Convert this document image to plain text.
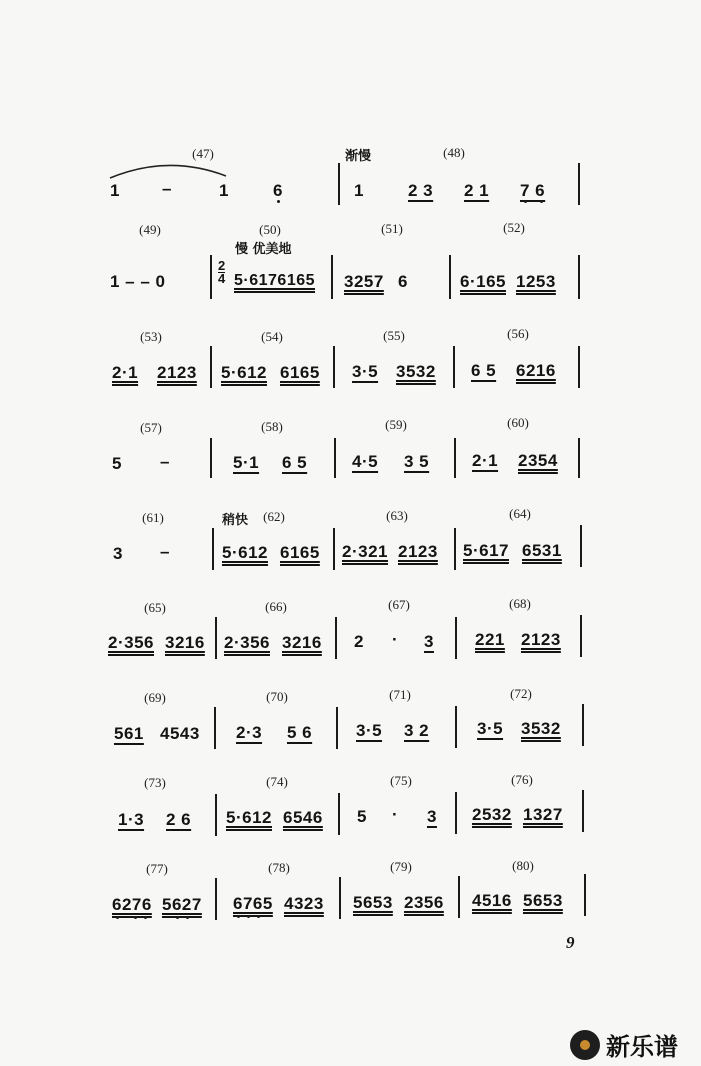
(47)	渐慢	(48)
1 –	1	6	1	2 3 2 1 7 6
(49)	(50)
慢 优美地
(51)	(52)
1 – – 0
2
4 5·6176165 3257 6	6·165 1253
(53)	(54)	(55)	(56)
2·1 2123 5·612 6165 3·5 3532 6 5 6216
(57)	(58)	(59)	(60)
5 –	5·1 6 5	4·5 3 5	2·1 2354
(61)	稍快 (62)	(63)	(64)
3 –	5·612 6165 2·321 2123 5·617 6531
(65)	(66)	(67)	(68)
2·356 3216 2·356 3216 2 · 3 221 2123
(69)	(70)	(71)	(72)
561 4543 2·3 5 6	3·5 3 2	3·5 3532
(73)	(74)	(75)	(76)
1·3 2 6 5·612 6546 5 · 3 2532 1327
(77)	(78)	(79)	(80)
6276 5627 6765 4323 5653 2356 4516 5653
9
新乐谱
